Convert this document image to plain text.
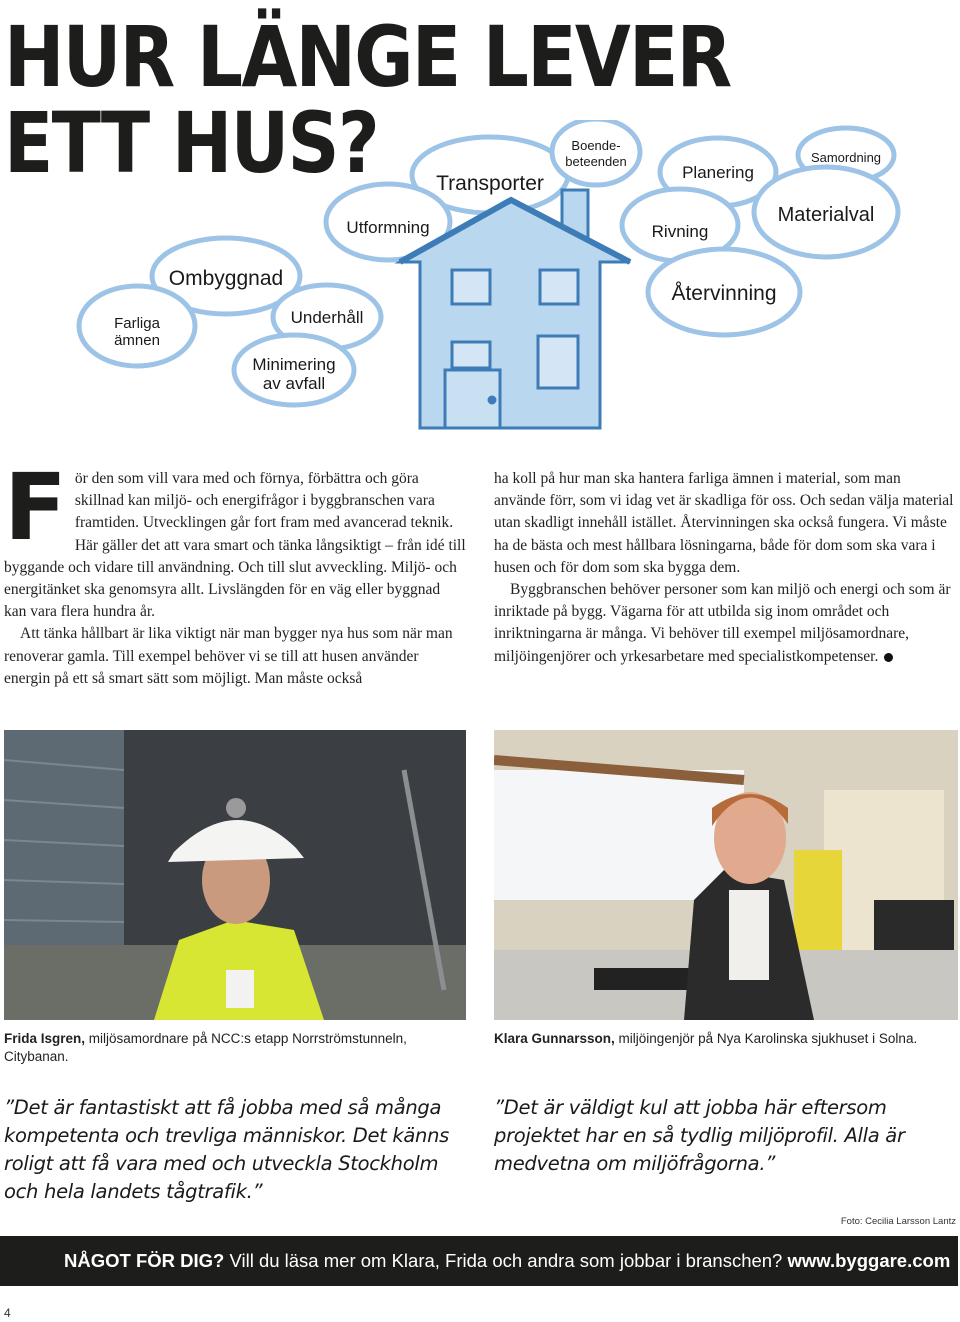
HUR LÄNGE LEVER
ETT HUS?	Transporter
Boende-
beteenden
Planering
Samordning
Utformning	Rivning
Materialval
Ombyggnad
Återvinning
Farliga
ämnen
Underhåll
Minimering
av avfall

För den som vill vara med och förnya, förbättra och göra skillnad kan miljö- och energifrågor i byggbranschen vara framtiden. Utvecklingen går fort fram med avancerad teknik. Här gäller det att vara smart och tänka långsiktigt – från idé till byggande och vidare till användning. Och till slut avveckling. Miljö- och energitänket ska genomsyra allt. Livslängden för en väg eller byggnad kan vara flera hundra år.

Att tänka hållbart är lika viktigt när man bygger nya hus som när man renoverar gamla. Till exempel behöver vi se till att husen använder energin på ett så smart sätt som möjligt. Man måste också

ha koll på hur man ska hantera farliga ämnen i material, som man använde förr, som vi idag vet är skadliga för oss. Och sedan välja material utan skadligt innehåll istället. Återvinningen ska också fungera. Vi måste ha de bästa och mest hållbara lösningarna, både för dom som ska vara i husen och för dom som ska bygga dem.

Byggbranschen behöver personer som kan miljö och energi och som är inriktade på bygg. Vägarna för att utbilda sig inom området och inriktningarna är många. Vi behöver till exempel miljösamordnare, miljöingenjörer och yrkesarbetare med specialistkompetenser.

Frida Isgren, miljösamordnare på NCC:s etapp Norrströmstunneln, Citybanan.
Klara Gunnarsson, miljöingenjör på Nya Karolinska sjukhuset i Solna.
”Det är fantastiskt att få jobba med så många kompetenta och trevliga människor. Det känns roligt att få vara med och utveckla Stockholm och hela landets tågtrafik.”
”Det är väldigt kul att jobba här eftersom projektet har en så tydlig miljöprofil. Alla är medvetna om miljöfrågorna.”
Foto: Cecilia Larsson Lantz
NÅGOT FÖR DIG? Vill du läsa mer om Klara, Frida och andra som jobbar i branschen? www.byggare.com
4
